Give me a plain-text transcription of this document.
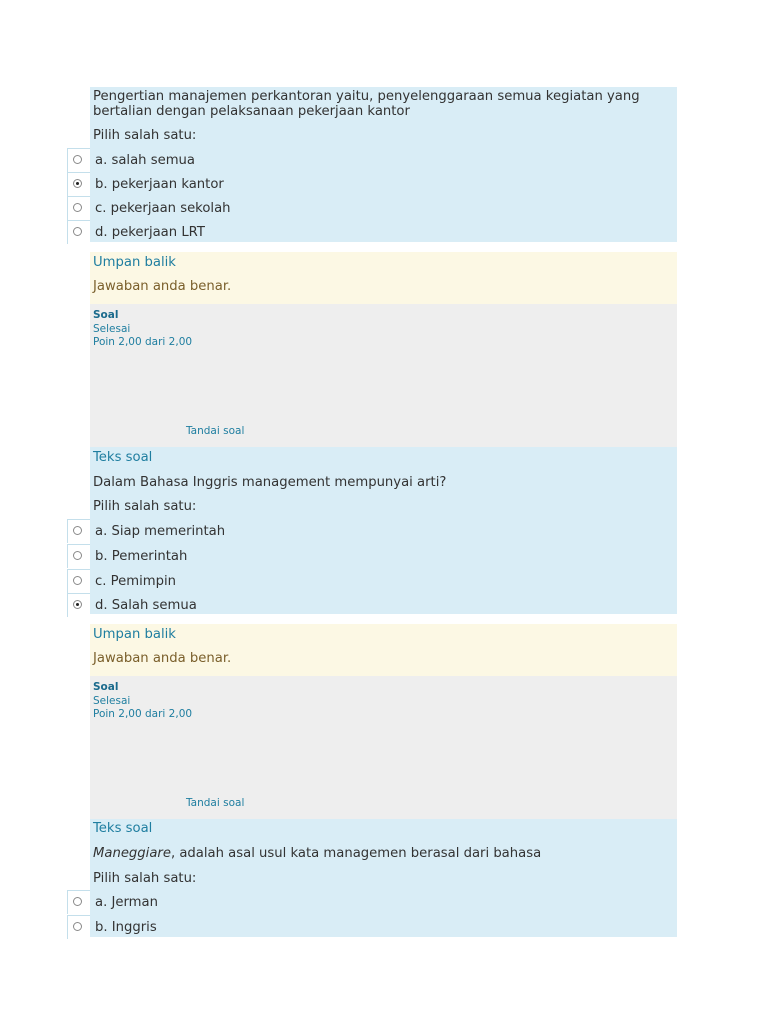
Pengertian manajemen perkantoran yaitu, penyelenggaraan semua kegiatan yang bertalian dengan pelaksanaan pekerjaan kantor
Pilih salah satu:
a. salah semua
b. pekerjaan kantor
c. pekerjaan sekolah
d. pekerjaan LRT
Umpan balik
Jawaban anda benar.
Soal
Selesai
Poin 2,00 dari 2,00
Tandai soal
Teks soal
Dalam Bahasa Inggris management mempunyai arti?
Pilih salah satu:
a. Siap memerintah
b. Pemerintah
c. Pemimpin
d. Salah semua
Umpan balik
Jawaban anda benar.
Soal
Selesai
Poin 2,00 dari 2,00
Tandai soal
Teks soal
Maneggiare, adalah asal usul kata managemen berasal dari bahasa
Pilih salah satu:
a. Jerman
b. Inggris
